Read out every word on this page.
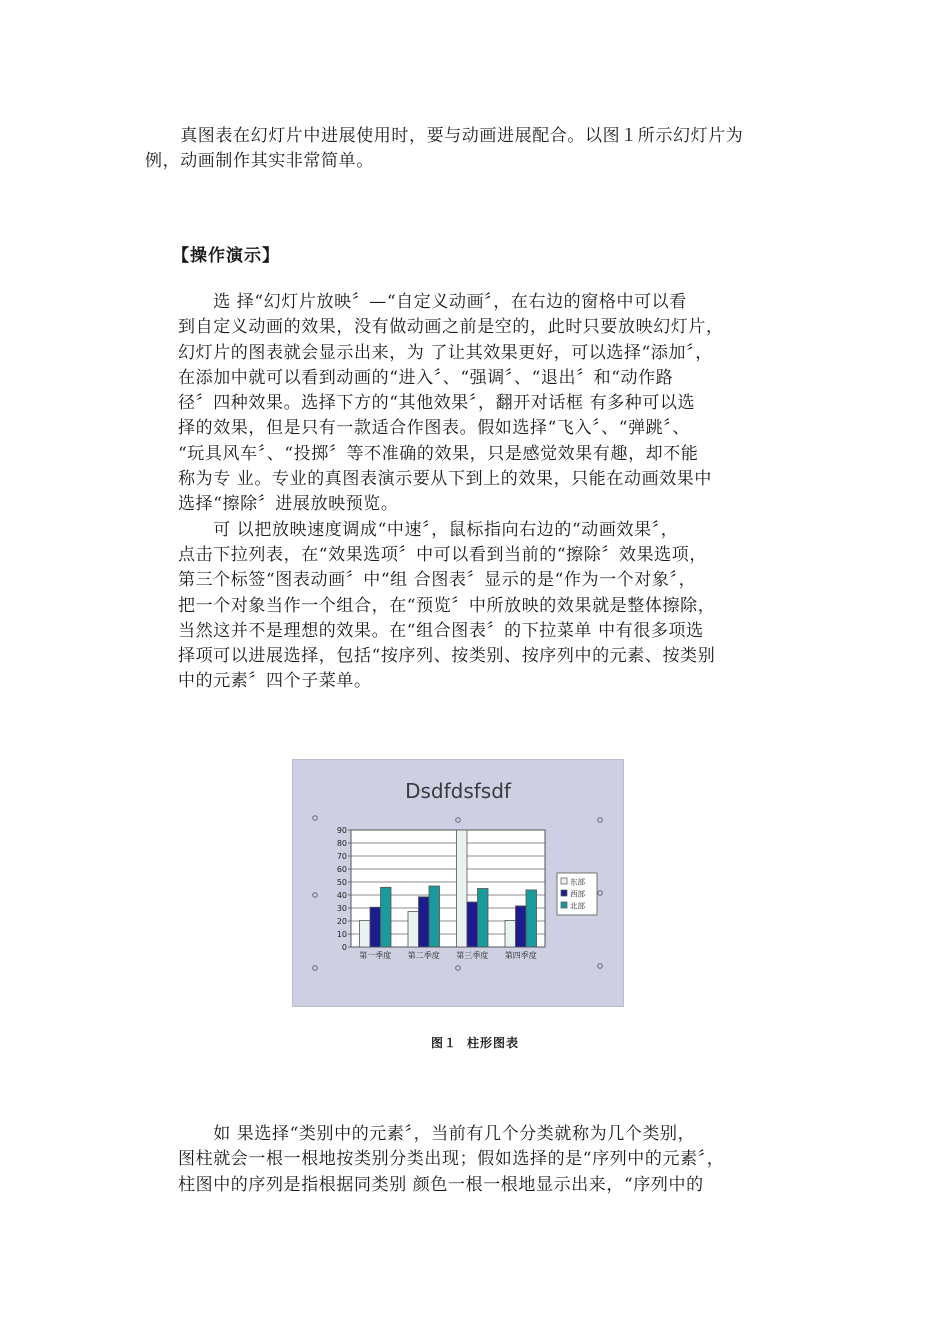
　　真图表在幻灯片中进展使用时，要与动画进展配合。以图１所示幻灯片为
例，动画制作其实非常简单。
【操作演示】
　　选 择“幻灯片放映〞—“自定义动画〞，在右边的窗格中可以看
到自定义动画的效果，没有做动画之前是空的，此时只要放映幻灯片，
幻灯片的图表就会显示出来，为 了让其效果更好，可以选择“添加〞，
在添加中就可以看到动画的“进入〞、“强调〞、“退出〞和“动作路
径〞四种效果。选择下方的“其他效果〞，翻开对话框 有多种可以选
择的效果，但是只有一款适合作图表。假如选择“飞入〞、“弹跳〞、
“玩具风车〞、“投掷〞等不准确的效果，只是感觉效果有趣，却不能
称为专 业。专业的真图表演示要从下到上的效果，只能在动画效果中
选择“擦除〞进展放映预览。
　　可 以把放映速度调成“中速〞，鼠标指向右边的“动画效果〞，
点击下拉列表，在“效果选项〞中可以看到当前的“擦除〞效果选项，
第三个标签“图表动画〞中“组 合图表〞显示的是“作为一个对象〞，
把一个对象当作一个组合，在“预览〞中所放映的效果就是整体擦除，
当然这并不是理想的效果。在“组合图表〞的下拉菜单 中有很多项选
择项可以进展选择，包括“按序列、按类别、按序列中的元素、按类别
中的元素〞四个子菜单。
Dsdfdsfsdf
0
10
20
30
40
50
60
70
80
90
第一季度 第二季度 第三季度 第四季度
东部
西部
北部

图１ 柱形图表

　　如 果选择“类别中的元素〞，当前有几个分类就称为几个类别，
图柱就会一根一根地按类别分类出现；假如选择的是“序列中的元素〞，
柱图中的序列是指根据同类别 颜色一根一根地显示出来，“序列中的
